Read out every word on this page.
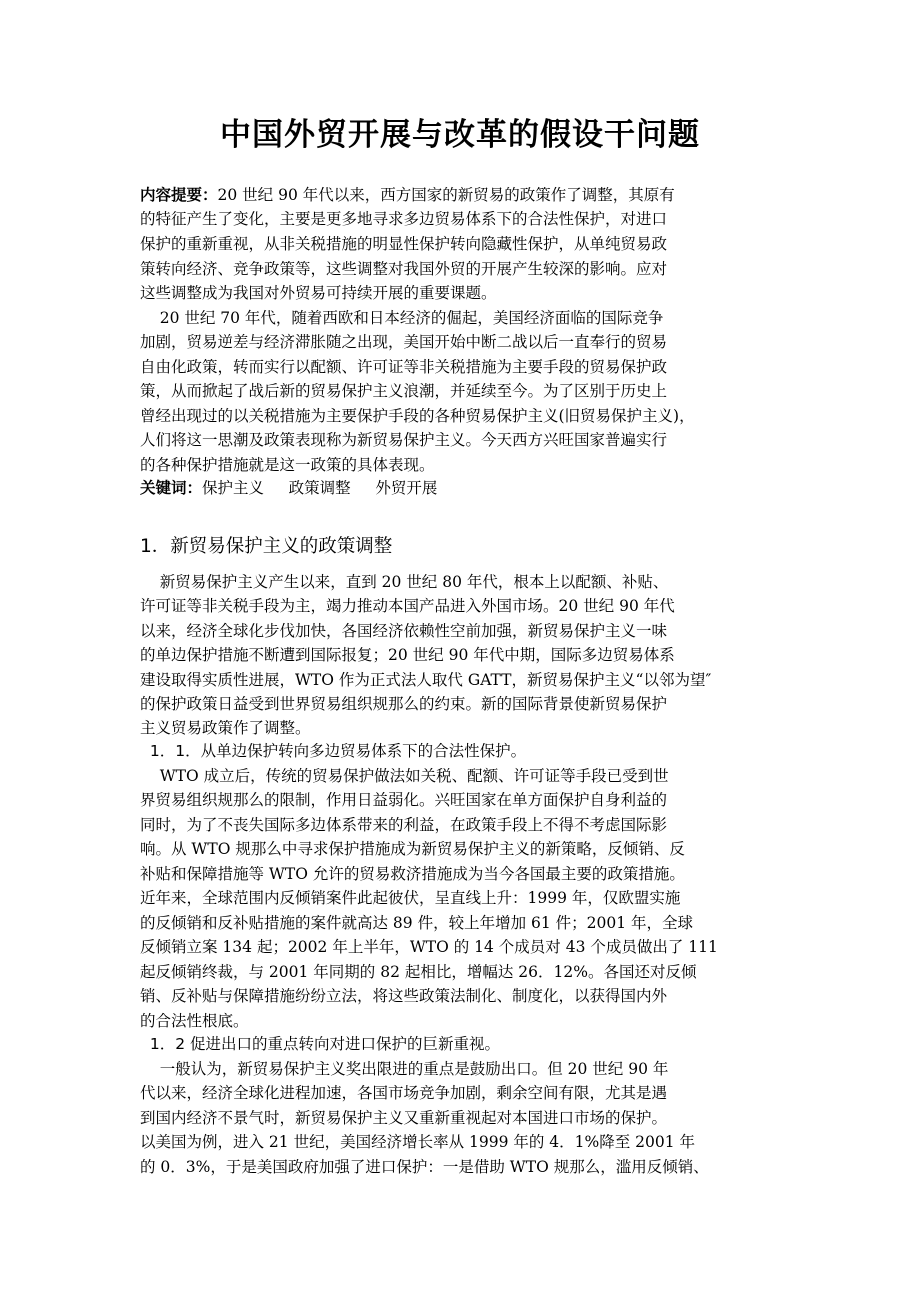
中国外贸开展与改革的假设干问题
内容提要：20 世纪 90 年代以来，西方国家的新贸易的政策作了调整，其原有
的特征产生了变化，主要是更多地寻求多边贸易体系下的合法性保护，对进口
保护的重新重视，从非关税措施的明显性保护转向隐藏性保护，从单纯贸易政
策转向经济、竞争政策等，这些调整对我国外贸的开展产生较深的影响。应对
这些调整成为我国对外贸易可持续开展的重要课题。
20 世纪 70 年代，随着西欧和日本经济的倔起，美国经济面临的国际竞争
加剧，贸易逆差与经济滞胀随之出现，美国开始中断二战以后一直奉行的贸易
自由化政策，转而实行以配额、许可证等非关税措施为主要手段的贸易保护政
策，从而掀起了战后新的贸易保护主义浪潮，并延续至今。为了区别于历史上
曾经出现过的以关税措施为主要保护手段的各种贸易保护主义(旧贸易保护主义)，
人们将这一思潮及政策表现称为新贸易保护主义。今天西方兴旺国家普遍实行
的各种保护措施就是这一政策的具体表现。
关键词：保护主义 政策调整 外贸开展
1．新贸易保护主义的政策调整
新贸易保护主义产生以来，直到 20 世纪 80 年代，根本上以配额、补贴、
许可证等非关税手段为主，竭力推动本国产品进入外国市场。20 世纪 90 年代
以来，经济全球化步伐加快，各国经济依赖性空前加强，新贸易保护主义一味
的单边保护措施不断遭到国际报复；20 世纪 90 年代中期，国际多边贸易体系
建设取得实质性进展，WTO 作为正式法人取代 GATT，新贸易保护主义“以邻为望″
的保护政策日益受到世界贸易组织规那么的约束。新的国际背景使新贸易保护
主义贸易政策作了调整。
1．1．从单边保护转向多边贸易体系下的合法性保护。
WTO 成立后，传统的贸易保护做法如关税、配额、许可证等手段已受到世
界贸易组织规那么的限制，作用日益弱化。兴旺国家在单方面保护自身利益的
同时，为了不丧失国际多边体系带来的利益，在政策手段上不得不考虑国际影
响。从 WTO 规那么中寻求保护措施成为新贸易保护主义的新策略，反倾销、反
补贴和保障措施等 WTO 允许的贸易救济措施成为当今各国最主要的政策措施。
近年来，全球范围内反倾销案件此起彼伏，呈直线上升：1999 年，仅欧盟实施
的反倾销和反补贴措施的案件就高达 89 件，较上年增加 61 件；2001 年，全球
反倾销立案 134 起；2002 年上半年，WTO 的 14 个成员对 43 个成员做出了 111
起反倾销终裁，与 2001 年同期的 82 起相比，增幅达 26．12%。各国还对反倾
销、反补贴与保障措施纷纷立法，将这些政策法制化、制度化，以获得国内外
的合法性根底。
1．2 促进出口的重点转向对进口保护的巨新重视。
一般认为，新贸易保护主义奖出限进的重点是鼓励出口。但 20 世纪 90 年
代以来，经济全球化进程加速，各国市场竞争加剧，剩余空间有限，尤其是遇
到国内经济不景气时，新贸易保护主义又重新重视起对本国进口市场的保护。
以美国为例，进入 21 世纪，美国经济增长率从 1999 年的 4．1%降至 2001 年
的 0．3%，于是美国政府加强了进口保护：一是借助 WTO 规那么，滥用反倾销、
